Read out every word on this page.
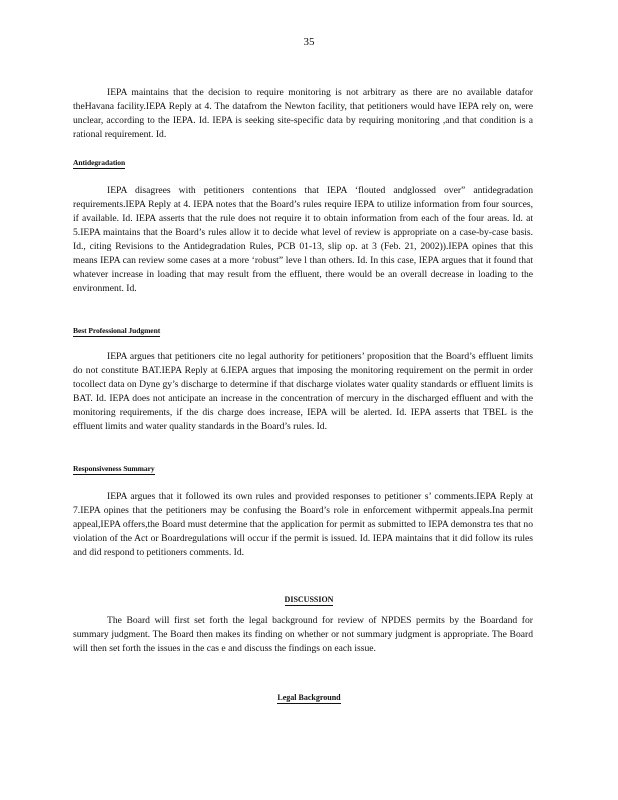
35

IEPA maintains that the decision to require monitoring is not arbitrary as there are no available datafor theHavana facility.IEPA Reply at 4. The datafrom the Newton facility, that petitioners would have IEPA rely on, were unclear, according to the IEPA. Id. IEPA is seeking site-specific data by requiring monitoring ,and that condition is a rational requirement. Id.

Antidegradation

IEPA disagrees with petitioners contentions that IEPA ‘flouted andglossed over” antidegradation requirements.IEPA Reply at 4. IEPA notes that the Board’s rules require IEPA to utilize information from four sources, if available. Id. IEPA asserts that the rule does not require it to obtain information from each of the four areas. Id. at 5.IEPA maintains that the Board’s rules allow it to decide what level of review is appropriate on a case-by-case basis. Id., citing Revisions to the Antidegradation Rules, PCB 01-13, slip op. at 3 (Feb. 21, 2002)).IEPA opines that this means IEPA can review some cases at a more ‘robust” leve l than others. Id. In this case, IEPA argues that it found that whatever increase in loading that may result from the effluent, there would be an overall decrease in loading to the environment. Id.

Best Professional Judgment

IEPA argues that petitioners cite no legal authority for petitioners’ proposition that the Board’s effluent limits do not constitute BAT.IEPA Reply at 6.IEPA argues that imposing the monitoring requirement on the permit in order tocollect data on Dyne gy’s discharge to determine if that discharge violates water quality standards or effluent limits is BAT. Id. IEPA does not anticipate an increase in the concentration of mercury in the discharged effluent and with the monitoring requirements, if the dis charge does increase, IEPA will be alerted. Id. IEPA asserts that TBEL is the effluent limits and water quality standards in the Board’s rules. Id.

Responsiveness Summary

IEPA argues that it followed its own rules and provided responses to petitioner s’ comments.IEPA Reply at 7.IEPA opines that the petitioners may be confusing the Board’s role in enforcement withpermit appeals.Ina permit appeal,IEPA offers,the Board must determine that the application for permit as submitted to IEPA demonstra tes that no violation of the Act or Boardregulations will occur if the permit is issued. Id. IEPA maintains that it did follow its rules and did respond to petitioners comments. Id.

DISCUSSION

The Board will first set forth the legal background for review of NPDES permits by the Boardand for summary judgment. The Board then makes its finding on whether or not summary judgment is appropriate. The Board will then set forth the issues in the cas e and discuss the findings on each issue.

Legal Background
